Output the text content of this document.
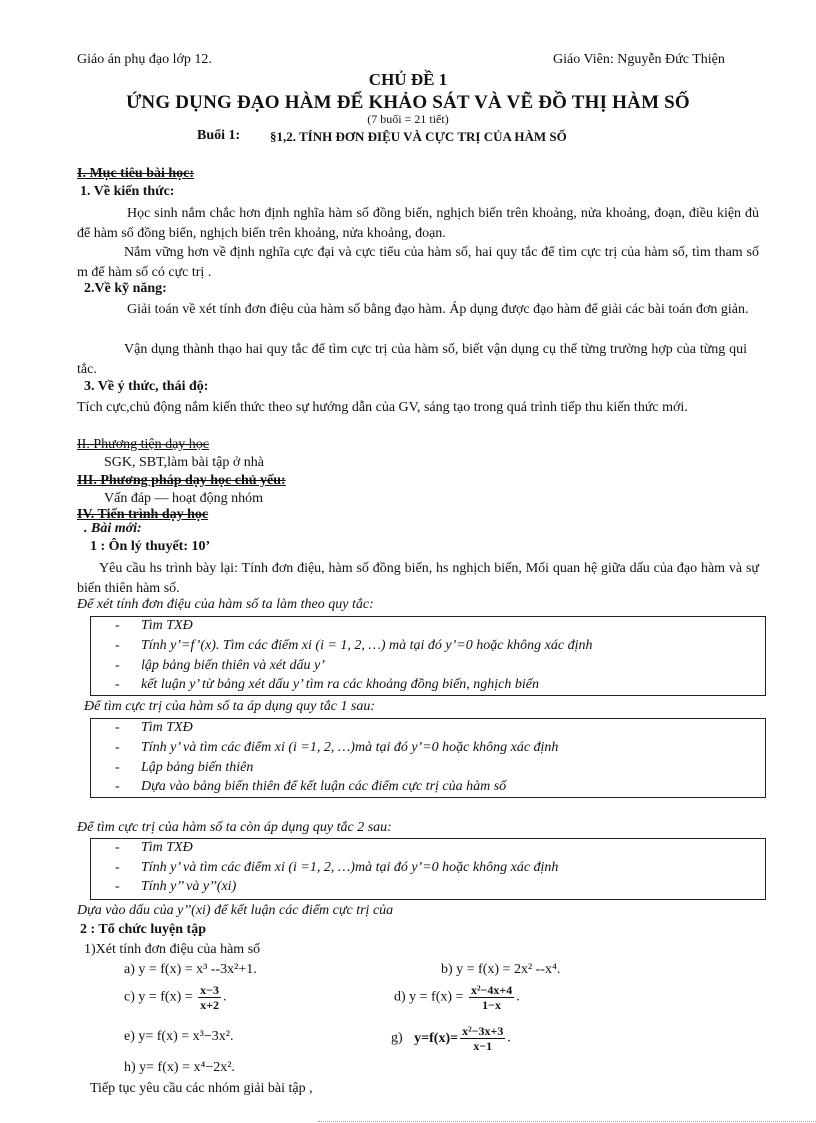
Giáo án phụ đạo lớp 12.	Giáo Viên: Nguyễn Đức Thiện
CHỦ ĐỀ 1
ỨNG DỤNG ĐẠO HÀM ĐỂ KHẢO SÁT VÀ VẼ ĐỒ THỊ HÀM SỐ
(7 buổi = 21 tiết)
Buổi 1: §1,2. TÍNH ĐƠN ĐIỆU VÀ CỰC TRỊ CỦA HÀM SỐ
I. Mục tiêu bài học:
1. Về kiến thức:
Học sinh nắm chắc hơn định nghĩa hàm số đồng biến, nghịch biến trên khoảng, nửa khoảng, đoạn, điều kiện đủ để hàm số đồng biến, nghịch biến trên khoảng, nửa khoảng, đoạn.
Nắm vững hơn về định nghĩa cực đại và cực tiểu của hàm số, hai quy tắc để tìm cực trị của hàm số, tìm tham số m để hàm số có cực trị .
2.Về kỹ năng:
Giải toán về xét tính đơn điệu của hàm số bằng đạo hàm. Áp dụng được đạo hàm để giải các bài toán đơn giản.
Vận dụng thành thạo hai quy tắc để tìm cực trị của hàm số, biết vận dụng cụ thể từng trường hợp của từng qui tắc.
3. Về ý thức, thái độ:
Tích cực,chủ động nắm kiến thức theo sự hướng dẫn của GV, sáng tạo trong quá trình tiếp thu kiến thức mới.
II. Phương tiện dạy học
SGK, SBT,làm bài tập ở nhà
III. Phương pháp dạy học chủ yếu:
Vấn đáp — hoạt động nhóm
IV. Tiến trình dạy học
. Bài mới:
1 : Ôn lý thuyết: 10’
Yêu cầu hs trình bày lại: Tính đơn điệu, hàm số đồng biến, hs nghịch biến, Mối quan hệ giữa dấu của đạo hàm và sự biến thiên hàm số.
Để xét tính đơn điệu của hàm số ta làm theo quy tắc:
- Tìm TXĐ
- Tính y’=f’(x). Tìm các điểm xi (i = 1, 2, …) mà tại đó y’=0 hoặc không xác định
- lập bảng biến thiên và xét dấu y’
- kết luận y’ từ bảng xét dấu y’ tìm ra các khoảng đồng biến, nghịch biến
Để tìm cực trị của hàm số ta áp dụng quy tắc 1 sau:
- Tìm TXĐ
- Tính y’ và tìm các điểm xi (i =1, 2, …)mà tại đó y’=0 hoặc không xác định
- Lập bảng biến thiên
- Dựa vào bảng biến thiên để kết luận các điểm cực trị của hàm số
Để tìm cực trị của hàm số ta còn áp dụng quy tắc 2 sau:
- Tìm TXĐ
- Tính y’ và tìm các điểm xi (i =1, 2, …)mà tại đó y’=0 hoặc không xác định
- Tính y’’ và y’’(xi)
Dựa vào dấu của y’’(xi) để kết luận các điểm cực trị của
2 : Tổ chức luyện tập
1)Xét tính đơn điệu của hàm số
a) y = f(x) = x³ --3x²+1.	b) y = f(x) = 2x² --x⁴.
c) $y = f(x) = \frac{x-3}{x+2}$ .	d) $y = f(x) = \frac{\text{x²−4x+4}}{1-x}$ .
e) y= f(x) = x³−3x².	g) $y=f(x)= \frac{\text{x²−3x+3}}{x-1}$ .
h) y= f(x) = x⁴−2x².
Tiếp tục yêu cầu các nhóm giải bài tập ,
